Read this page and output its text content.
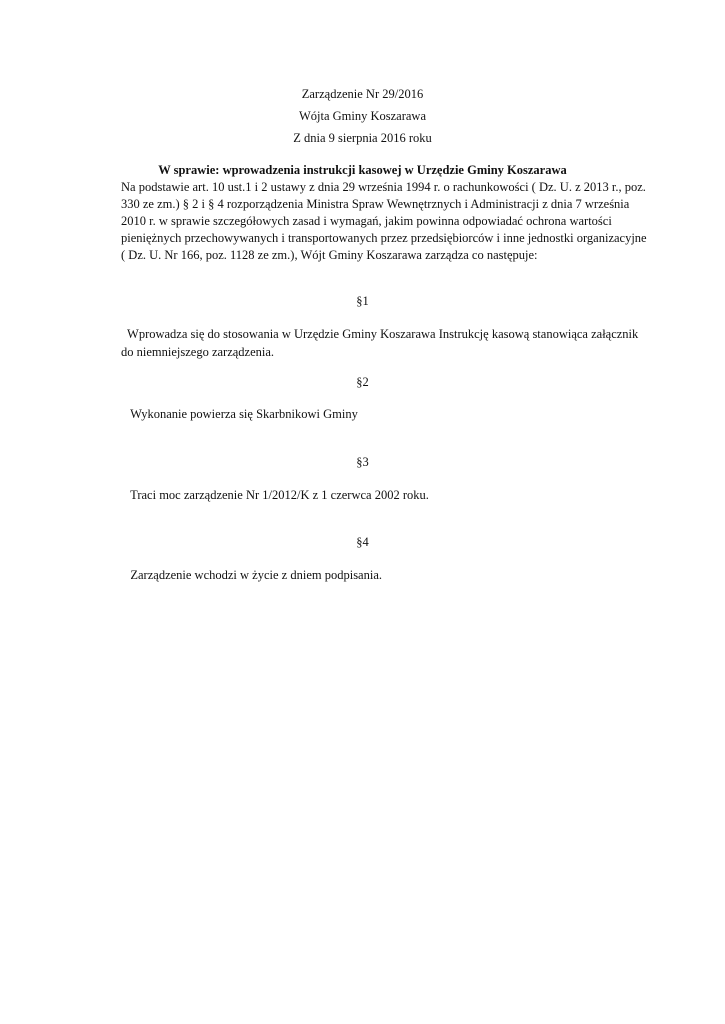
Zarządzenie Nr 29/2016
Wójta Gminy Koszarawa
Z dnia 9 sierpnia 2016 roku
W sprawie: wprowadzenia instrukcji kasowej w Urzędzie Gminy Koszarawa
Na podstawie art. 10 ust.1 i 2 ustawy z dnia 29 września 1994 r. o rachunkowości ( Dz. U. z 2013 r., poz.
330 ze zm.) § 2 i § 4 rozporządzenia Ministra Spraw Wewnętrznych i Administracji z dnia 7 września
2010 r. w sprawie szczegółowych zasad i wymagań, jakim powinna odpowiadać ochrona wartości
pieniężnych przechowywanych i transportowanych przez przedsiębiorców i inne jednostki organizacyjne
( Dz. U. Nr 166, poz. 1128 ze zm.), Wójt Gminy Koszarawa zarządza co następuje:
§1
Wprowadza się do stosowania w Urzędzie Gminy Koszarawa Instrukcję kasową stanowiąca załącznik
do niemniejszego zarządzenia.
§2
Wykonanie powierza się Skarbnikowi Gminy
§3
Traci moc zarządzenie Nr 1/2012/K z 1 czerwca 2002 roku.
§4
Zarządzenie wchodzi w życie z dniem podpisania.
